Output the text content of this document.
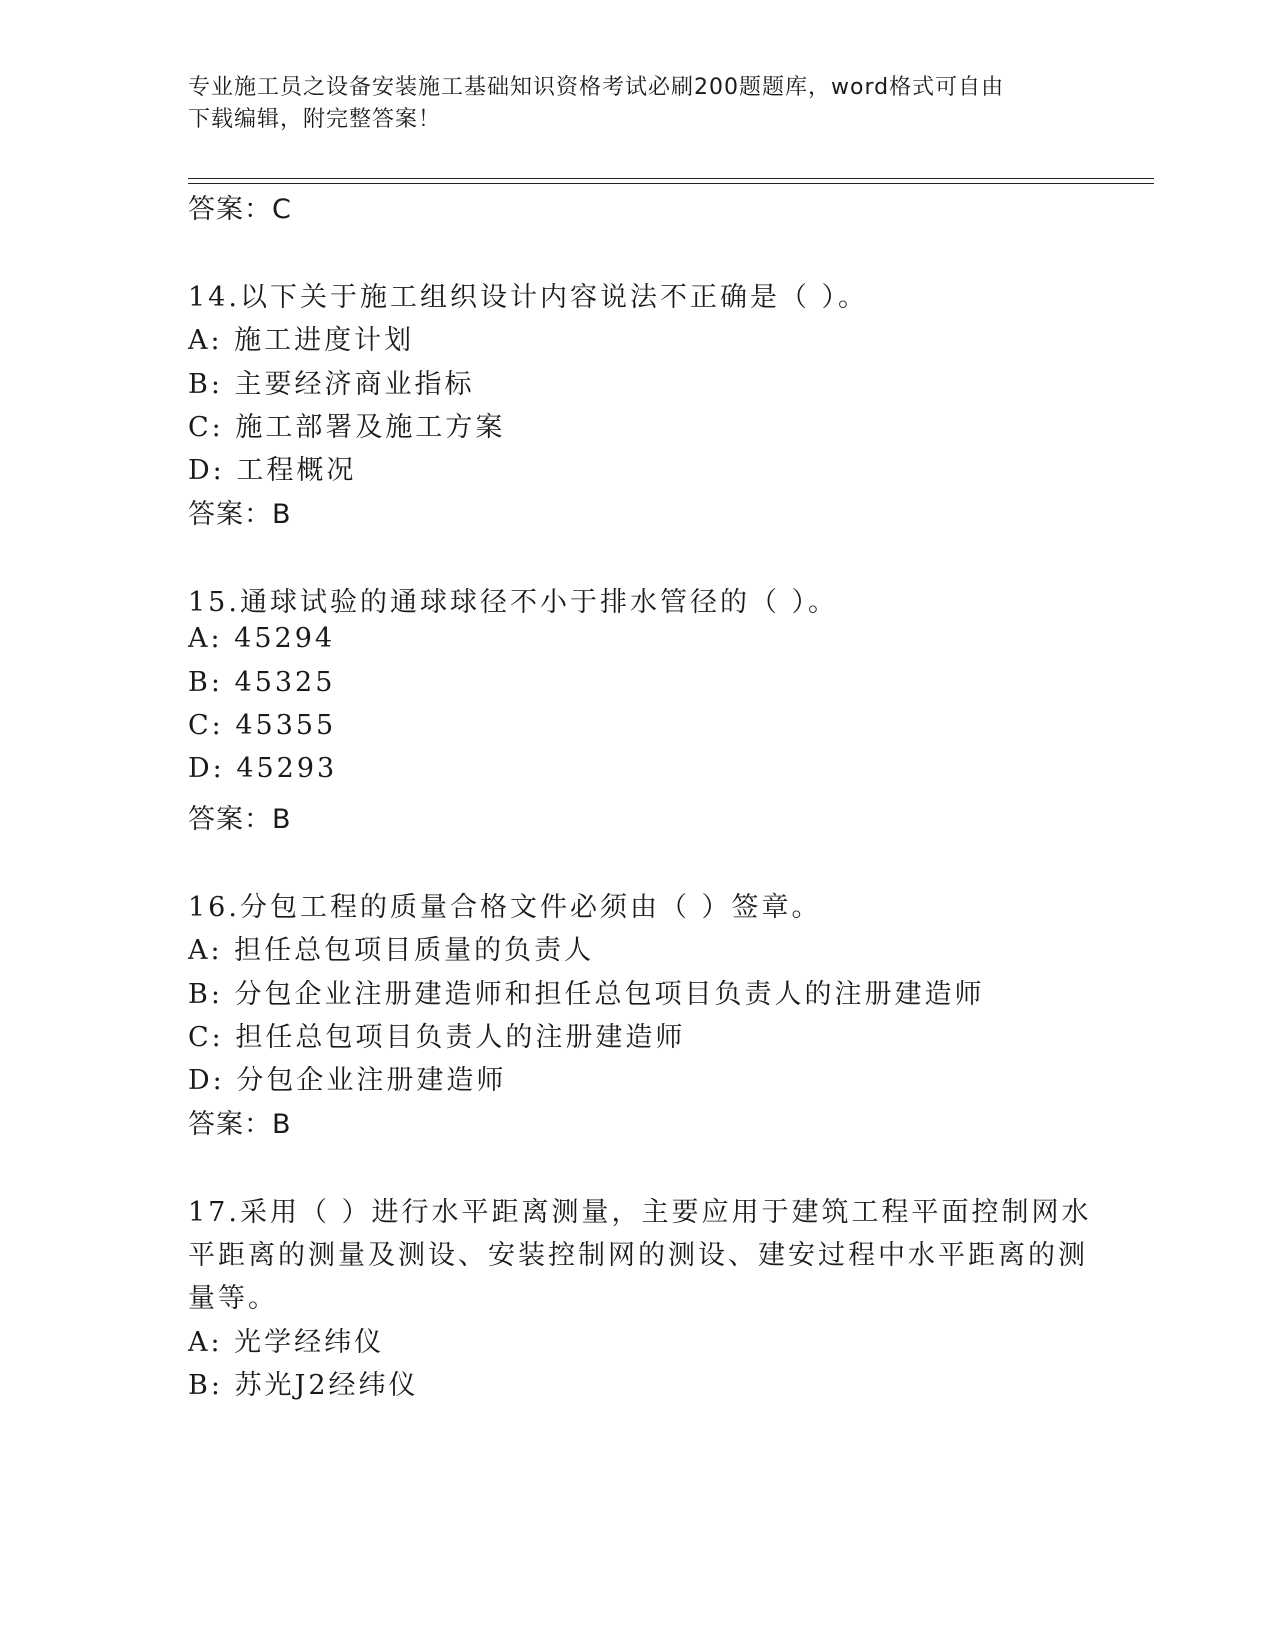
专业施工员之设备安装施工基础知识资格考试必刷200题题库，word格式可自由
下载编辑，附完整答案！
答案：C
14.以下关于施工组织设计内容说法不正确是（ ）。
A: 施工进度计划
B: 主要经济商业指标
C: 施工部署及施工方案
D: 工程概况
答案：B
15.通球试验的通球球径不小于排水管径的（ ）。
A: 45294
B: 45325
C: 45355
D: 45293
答案：B
16.分包工程的质量合格文件必须由（ ）签章。
A: 担任总包项目质量的负责人
B: 分包企业注册建造师和担任总包项目负责人的注册建造师
C: 担任总包项目负责人的注册建造师
D: 分包企业注册建造师
答案：B
17.采用（ ）进行水平距离测量，主要应用于建筑工程平面控制网水
平距离的测量及测设、安装控制网的测设、建安过程中水平距离的测
量等。
A: 光学经纬仪
B: 苏光J2经纬仪
